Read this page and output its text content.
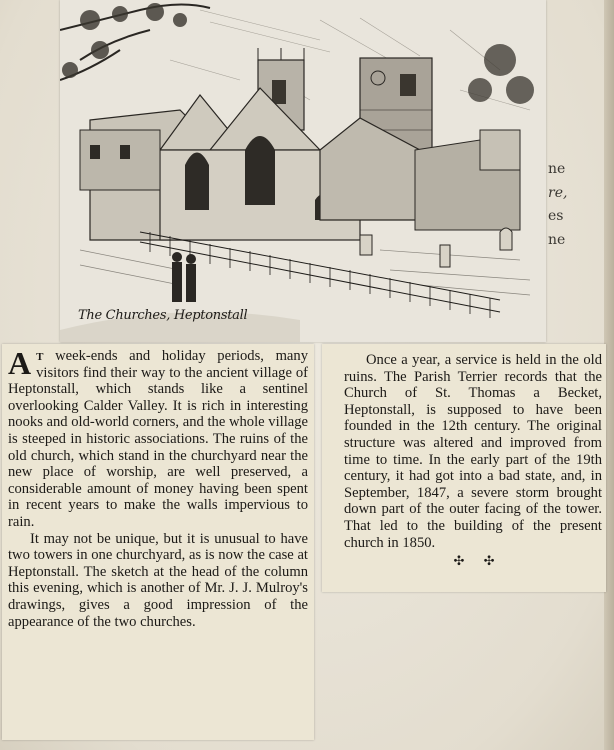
ne
re,
es
ne
The Churches, Heptonstall

At week-ends and holiday periods, many visitors find their way to the ancient village of Heptonstall, which stands like a sentinel overlooking Calder Valley. It is rich in interesting nooks and old-world corners, and the whole village is steeped in historic associations. The ruins of the old church, which stand in the churchyard near the new place of worship, are well preserved, a considerable amount of money having been spent in recent years to make the walls impervious to rain.

It may not be unique, but it is unusual to have two towers in one churchyard, as is now the case at Heptonstall. The sketch at the head of the column this evening, which is another of Mr. J. J. Mulroy's drawings, gives a good impression of the appearance of the two churches.

Once a year, a service is held in the old ruins. The Parish Terrier records that the Church of St. Thomas a Becket, Heptonstall, is supposed to have been founded in the 12th century. The original structure was altered and improved from time to time. In the early part of the 19th century, it had got into a bad state, and, in September, 1847, a severe storm brought down part of the outer facing of the tower. That led to the building of the present church in 1850.

✣ ✣
